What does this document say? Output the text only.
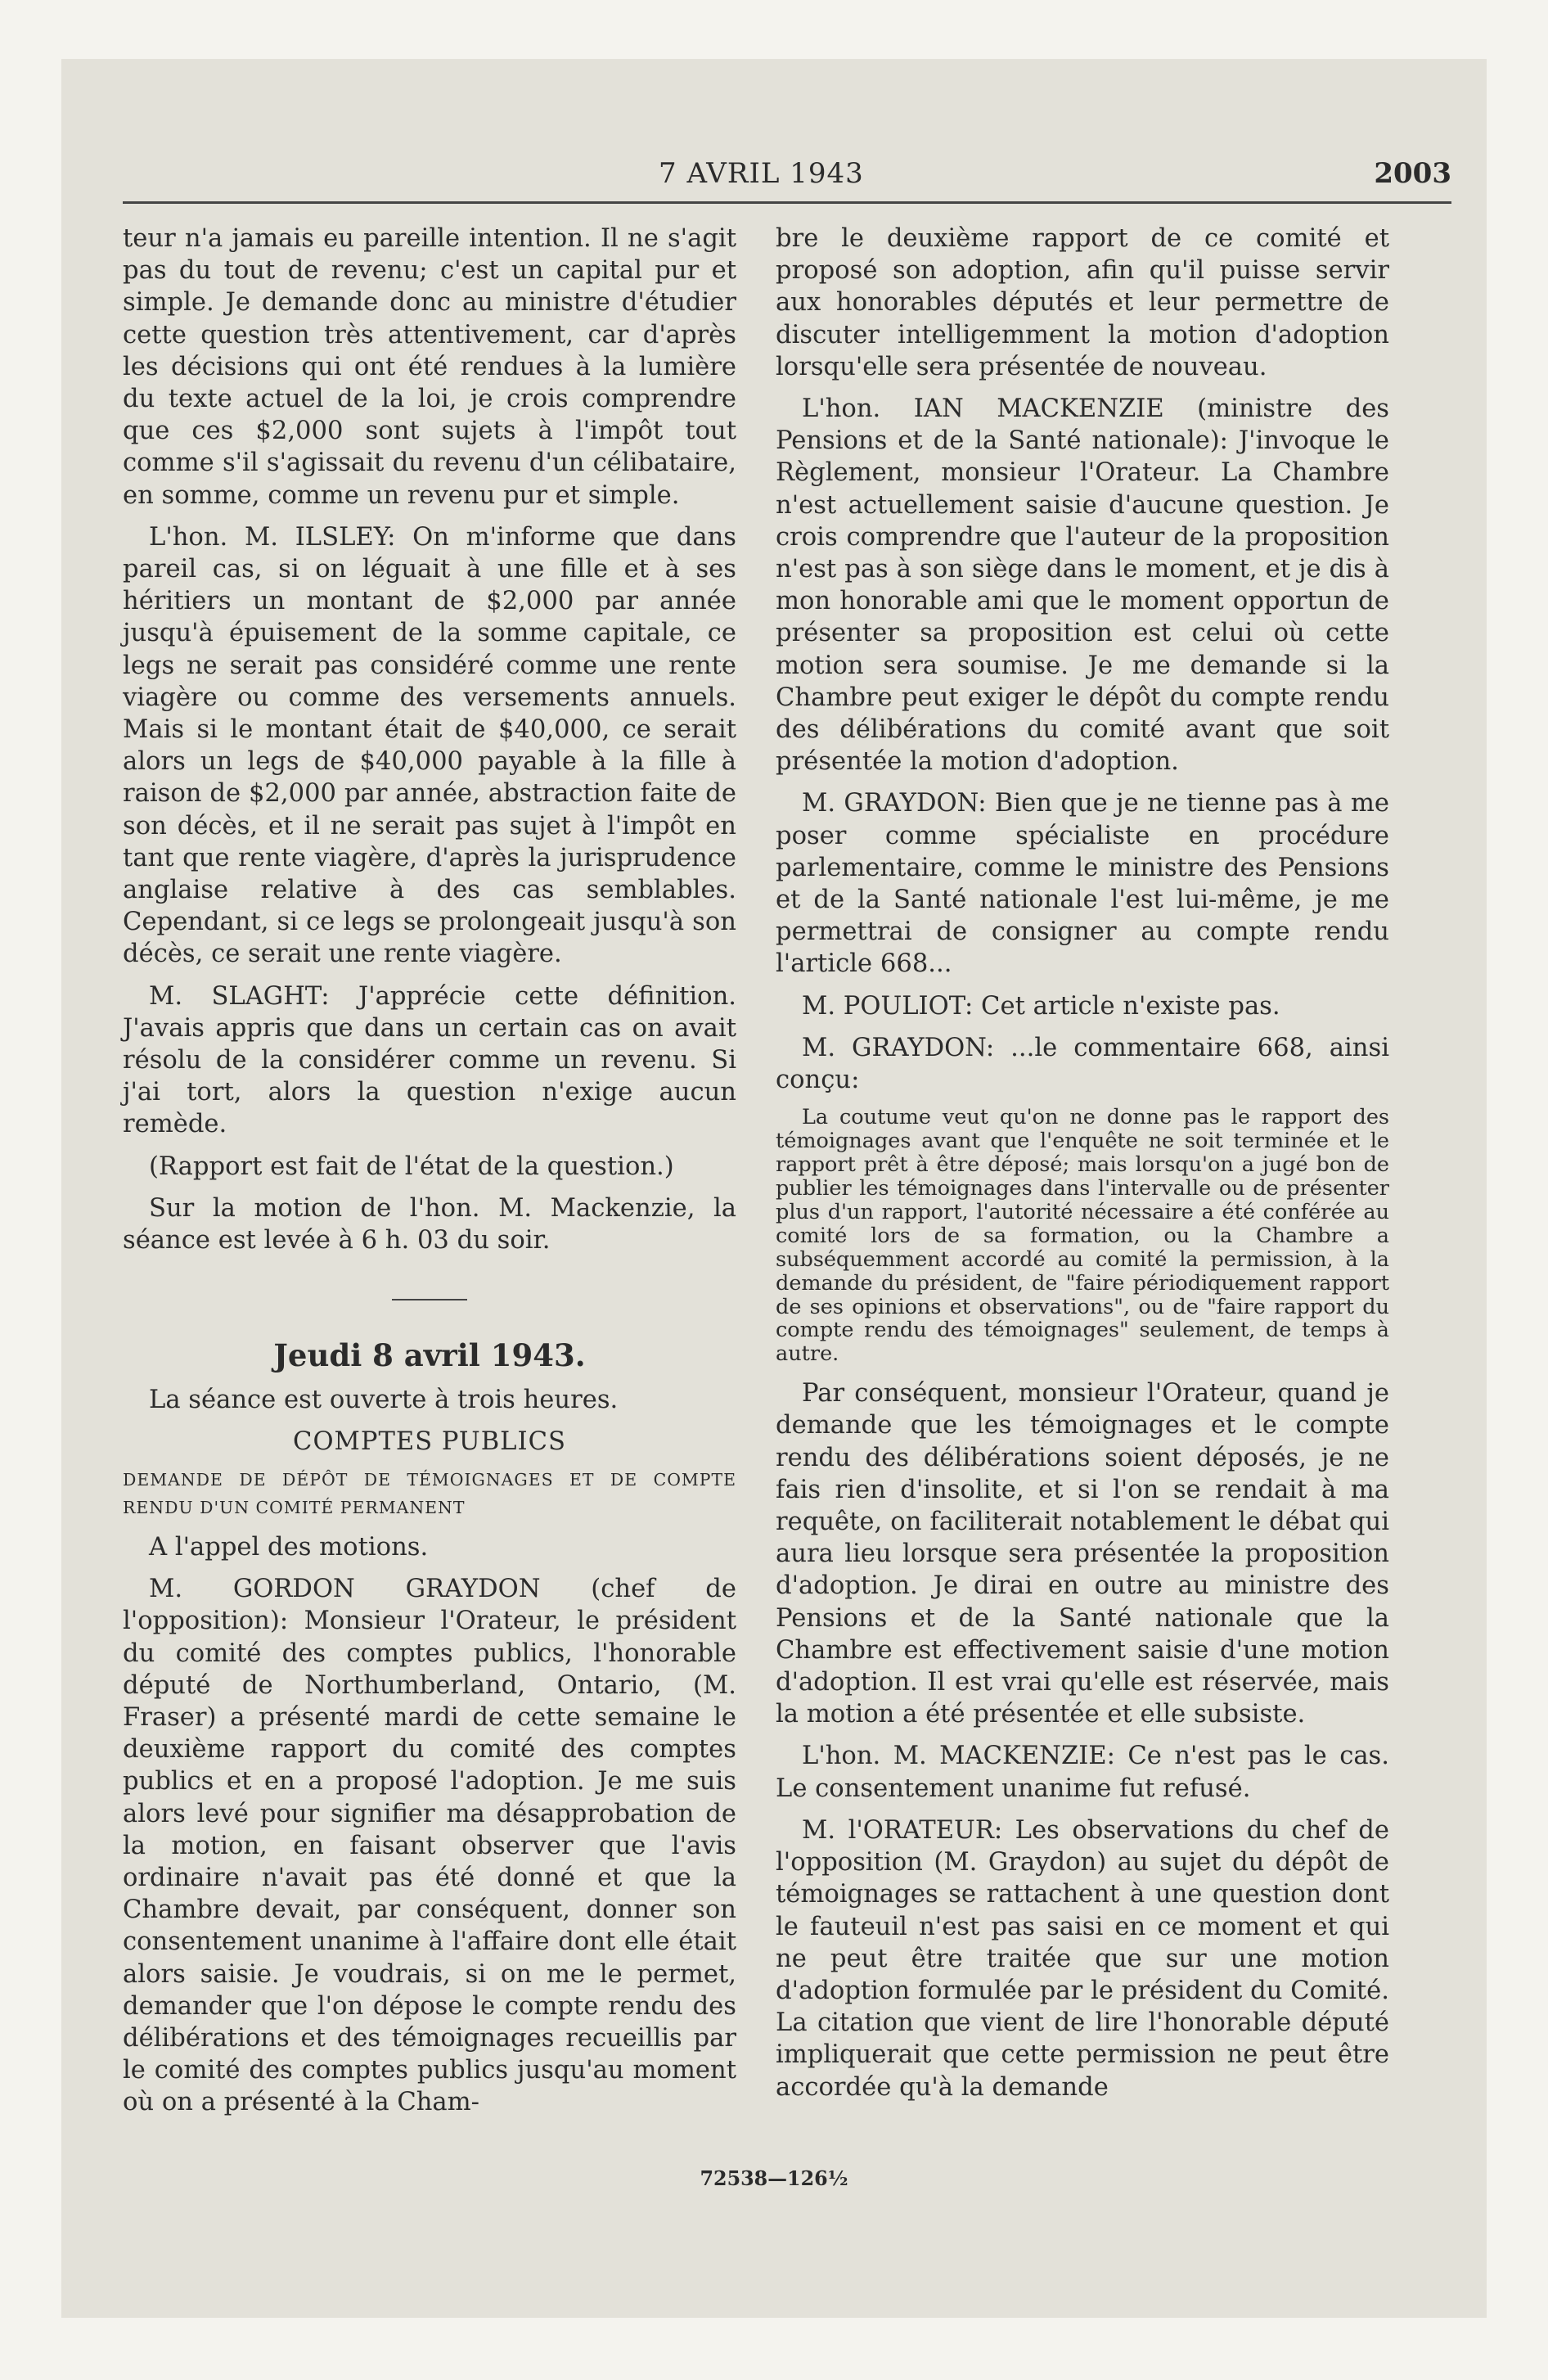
7 AVRIL 1943	2003

teur n'a jamais eu pareille intention. Il ne s'agit pas du tout de revenu; c'est un capital pur et simple. Je demande donc au ministre d'étudier cette question très attentivement, car d'après les décisions qui ont été rendues à la lumière du texte actuel de la loi, je crois comprendre que ces $2,000 sont sujets à l'impôt tout comme s'il s'agissait du revenu d'un célibataire, en somme, comme un revenu pur et simple.

L'hon. M. ILSLEY: On m'informe que dans pareil cas, si on léguait à une fille et à ses héritiers un montant de $2,000 par année jusqu'à épuisement de la somme capitale, ce legs ne serait pas considéré comme une rente viagère ou comme des versements annuels. Mais si le montant était de $40,000, ce serait alors un legs de $40,000 payable à la fille à raison de $2,000 par année, abstraction faite de son décès, et il ne serait pas sujet à l'impôt en tant que rente viagère, d'après la jurisprudence anglaise relative à des cas semblables. Cependant, si ce legs se prolongeait jusqu'à son décès, ce serait une rente viagère.

M. SLAGHT: J'apprécie cette définition. J'avais appris que dans un certain cas on avait résolu de la considérer comme un revenu. Si j'ai tort, alors la question n'exige aucun remède.

(Rapport est fait de l'état de la question.)

Sur la motion de l'hon. M. Mackenzie, la séance est levée à 6 h. 03 du soir.

Jeudi 8 avril 1943.

La séance est ouverte à trois heures.

COMPTES PUBLICS
DEMANDE DE DÉPÔT DE TÉMOIGNAGES ET DE COMPTE RENDU D'UN COMITÉ PERMANENT

A l'appel des motions.

M. GORDON GRAYDON (chef de l'opposition): Monsieur l'Orateur, le président du comité des comptes publics, l'honorable député de Northumberland, Ontario, (M. Fraser) a présenté mardi de cette semaine le deuxième rapport du comité des comptes publics et en a proposé l'adoption. Je me suis alors levé pour signifier ma désapprobation de la motion, en faisant observer que l'avis ordinaire n'avait pas été donné et que la Chambre devait, par conséquent, donner son consentement unanime à l'affaire dont elle était alors saisie. Je voudrais, si on me le permet, demander que l'on dépose le compte rendu des délibérations et des témoignages recueillis par le comité des comptes publics jusqu'au moment où on a présenté à la Cham-

bre le deuxième rapport de ce comité et proposé son adoption, afin qu'il puisse servir aux honorables députés et leur permettre de discuter intelligemment la motion d'adoption lorsqu'elle sera présentée de nouveau.

L'hon. IAN MACKENZIE (ministre des Pensions et de la Santé nationale): J'invoque le Règlement, monsieur l'Orateur. La Chambre n'est actuellement saisie d'aucune question. Je crois comprendre que l'auteur de la proposition n'est pas à son siège dans le moment, et je dis à mon honorable ami que le moment opportun de présenter sa proposition est celui où cette motion sera soumise. Je me demande si la Chambre peut exiger le dépôt du compte rendu des délibérations du comité avant que soit présentée la motion d'adoption.

M. GRAYDON: Bien que je ne tienne pas à me poser comme spécialiste en procédure parlementaire, comme le ministre des Pensions et de la Santé nationale l'est lui-même, je me permettrai de consigner au compte rendu l'article 668...

M. POULIOT: Cet article n'existe pas.

M. GRAYDON: ...le commentaire 668, ainsi conçu:

La coutume veut qu'on ne donne pas le rapport des témoignages avant que l'enquête ne soit terminée et le rapport prêt à être déposé; mais lorsqu'on a jugé bon de publier les témoignages dans l'intervalle ou de présenter plus d'un rapport, l'autorité nécessaire a été conférée au comité lors de sa formation, ou la Chambre a subséquemment accordé au comité la permission, à la demande du président, de "faire périodiquement rapport de ses opinions et observations", ou de "faire rapport du compte rendu des témoignages" seulement, de temps à autre.

Par conséquent, monsieur l'Orateur, quand je demande que les témoignages et le compte rendu des délibérations soient déposés, je ne fais rien d'insolite, et si l'on se rendait à ma requête, on faciliterait notablement le débat qui aura lieu lorsque sera présentée la proposition d'adoption. Je dirai en outre au ministre des Pensions et de la Santé nationale que la Chambre est effectivement saisie d'une motion d'adoption. Il est vrai qu'elle est réservée, mais la motion a été présentée et elle subsiste.

L'hon. M. MACKENZIE: Ce n'est pas le cas. Le consentement unanime fut refusé.

M. l'ORATEUR: Les observations du chef de l'opposition (M. Graydon) au sujet du dépôt de témoignages se rattachent à une question dont le fauteuil n'est pas saisi en ce moment et qui ne peut être traitée que sur une motion d'adoption formulée par le président du Comité. La citation que vient de lire l'honorable député impliquerait que cette permission ne peut être accordée qu'à la demande

72538—126½
